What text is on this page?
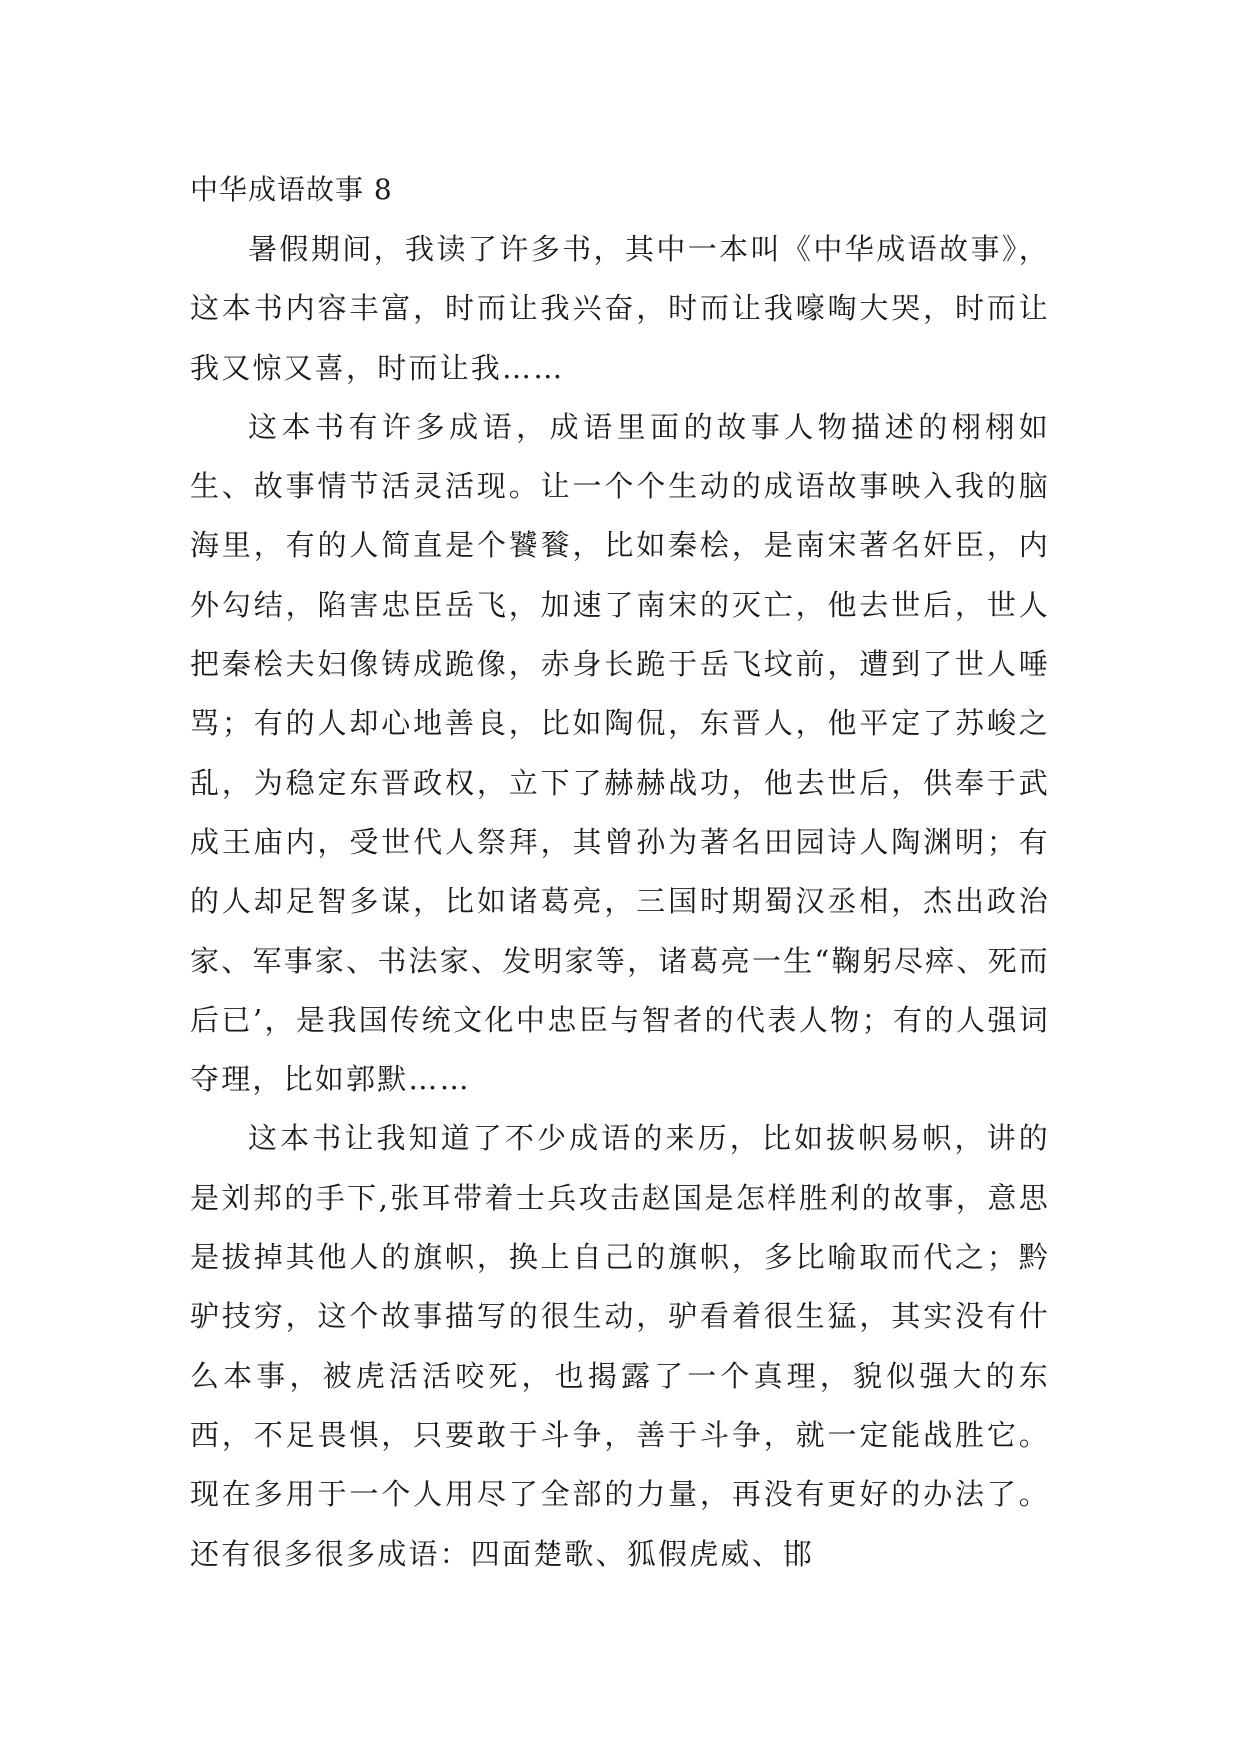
中华成语故事 8

暑假期间，我读了许多书，其中一本叫《中华成语故事》，这本书内容丰富，时而让我兴奋，时而让我嚎啕大哭，时而让我又惊又喜，时而让我……

这本书有许多成语，成语里面的故事人物描述的栩栩如生、故事情节活灵活现。让一个个生动的成语故事映入我的脑海里，有的人简直是个饕餮，比如秦桧，是南宋著名奸臣，内外勾结，陷害忠臣岳飞，加速了南宋的灭亡，他去世后，世人把秦桧夫妇像铸成跪像，赤身长跪于岳飞坟前，遭到了世人唾骂；有的人却心地善良，比如陶侃，东晋人，他平定了苏峻之乱，为稳定东晋政权，立下了赫赫战功，他去世后，供奉于武成王庙内，受世代人祭拜，其曾孙为著名田园诗人陶渊明；有的人却足智多谋，比如诸葛亮，三国时期蜀汉丞相，杰出政治家、军事家、书法家、发明家等，诸葛亮一生“鞠躬尽瘁、死而后已’，是我国传统文化中忠臣与智者的代表人物；有的人强词夺理，比如郭默……

这本书让我知道了不少成语的来历，比如拔帜易帜，讲的是刘邦的手下,张耳带着士兵攻击赵国是怎样胜利的故事，意思是拔掉其他人的旗帜，换上自己的旗帜，多比喻取而代之；黔驴技穷，这个故事描写的很生动，驴看着很生猛，其实没有什么本事，被虎活活咬死，也揭露了一个真理，貌似强大的东西，不足畏惧，只要敢于斗争，善于斗争，就一定能战胜它。现在多用于一个人用尽了全部的力量，再没有更好的办法了。还有很多很多成语：四面楚歌、狐假虎威、邯
